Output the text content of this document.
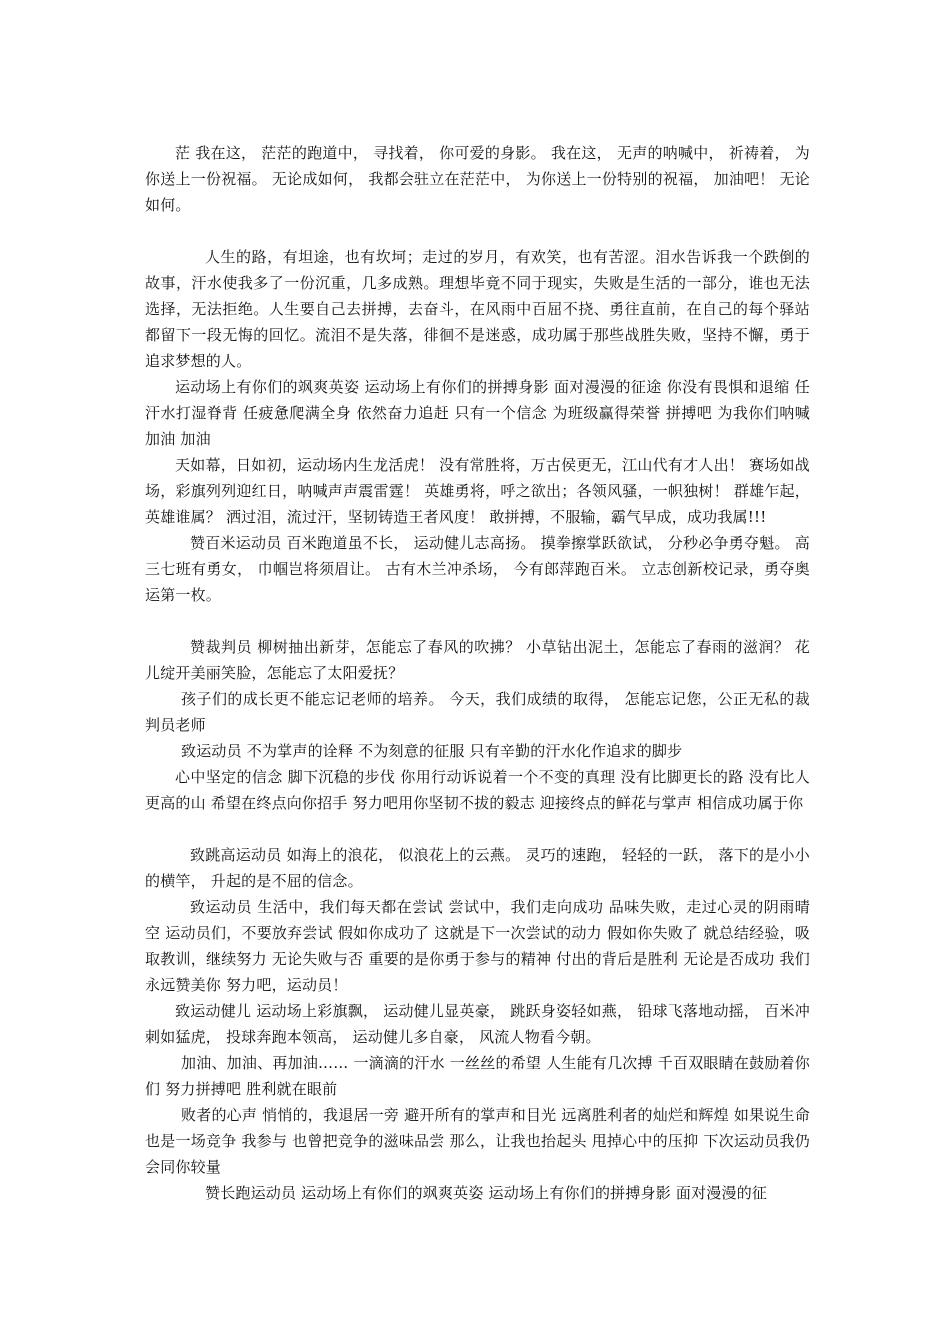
茫 我在这， 茫茫的跑道中， 寻找着， 你可爱的身影。 我在这， 无声的呐喊中， 祈祷着， 为你送上一份祝福。 无论成如何， 我都会驻立在茫茫中， 为你送上一份特别的祝福， 加油吧！ 无论如何。

人生的路，有坦途，也有坎坷；走过的岁月，有欢笑，也有苦涩。泪水告诉我一个跌倒的故事，汗水使我多了一份沉重，几多成熟。理想毕竟不同于现实，失败是生活的一部分，谁也无法选择，无法拒绝。人生要自己去拼搏，去奋斗，在风雨中百屈不挠、勇往直前，在自己的每个驿站都留下一段无悔的回忆。流泪不是失落，徘徊不是迷惑，成功属于那些战胜失败，坚持不懈，勇于追求梦想的人。

运动场上有你们的飒爽英姿 运动场上有你们的拼搏身影 面对漫漫的征途 你没有畏惧和退缩 任汗水打湿脊背 任疲惫爬满全身 依然奋力追赶 只有一个信念 为班级赢得荣誉 拼搏吧 为我你们呐喊 加油 加油

天如幕，日如初，运动场内生龙活虎！ 没有常胜将，万古侯更无，江山代有才人出！ 赛场如战场，彩旗列列迎红日，呐喊声声震雷霆！ 英雄勇将，呼之欲出；各领风骚，一帜独树！ 群雄乍起，英雄谁属？ 洒过泪，流过汗，坚韧铸造王者风度！ 敢拼搏，不服输，霸气早成，成功我属!!!

赞百米运动员 百米跑道虽不长， 运动健儿志高扬。 摸拳擦掌跃欲试， 分秒必争勇夺魁。 高三七班有勇女， 巾帼岂将须眉让。 古有木兰冲杀场， 今有郎萍跑百米。 立志创新校记录，勇夺奥运第一枚。

赞裁判员 柳树抽出新芽，怎能忘了春风的吹拂？ 小草钻出泥土，怎能忘了春雨的滋润？ 花儿绽开美丽笑脸，怎能忘了太阳爱抚？

孩子们的成长更不能忘记老师的培养。 今天，我们成绩的取得， 怎能忘记您，公正无私的裁判员老师

致运动员 不为掌声的诠释 不为刻意的征服 只有辛勤的汗水化作追求的脚步

心中坚定的信念 脚下沉稳的步伐 你用行动诉说着一个不变的真理 没有比脚更长的路 没有比人更高的山 希望在终点向你招手 努力吧用你坚韧不拔的毅志 迎接终点的鲜花与掌声 相信成功属于你

致跳高运动员 如海上的浪花， 似浪花上的云燕。 灵巧的速跑， 轻轻的一跃， 落下的是小小的横竿， 升起的是不屈的信念。

致运动员 生活中，我们每天都在尝试 尝试中，我们走向成功 品味失败，走过心灵的阴雨晴空 运动员们，不要放弃尝试 假如你成功了 这就是下一次尝试的动力 假如你失败了 就总结经验，吸取教训，继续努力 无论失败与否 重要的是你勇于参与的精神 付出的背后是胜利 无论是否成功 我们永远赞美你 努力吧，运动员！

致运动健儿 运动场上彩旗飘， 运动健儿显英豪， 跳跃身姿轻如燕， 铅球飞落地动摇， 百米冲刺如猛虎， 投球奔跑本领高， 运动健儿多自豪， 风流人物看今朝。

加油、加油、再加油…… 一滴滴的汗水 一丝丝的希望 人生能有几次搏 千百双眼睛在鼓励着你们 努力拼搏吧 胜利就在眼前

败者的心声 悄悄的，我退居一旁 避开所有的掌声和目光 远离胜利者的灿烂和辉煌 如果说生命也是一场竞争 我参与 也曾把竞争的滋味品尝 那么，让我也抬起头 甩掉心中的压抑 下次运动员我仍会同你较量

赞长跑运动员 运动场上有你们的飒爽英姿 运动场上有你们的拼搏身影 面对漫漫的征
